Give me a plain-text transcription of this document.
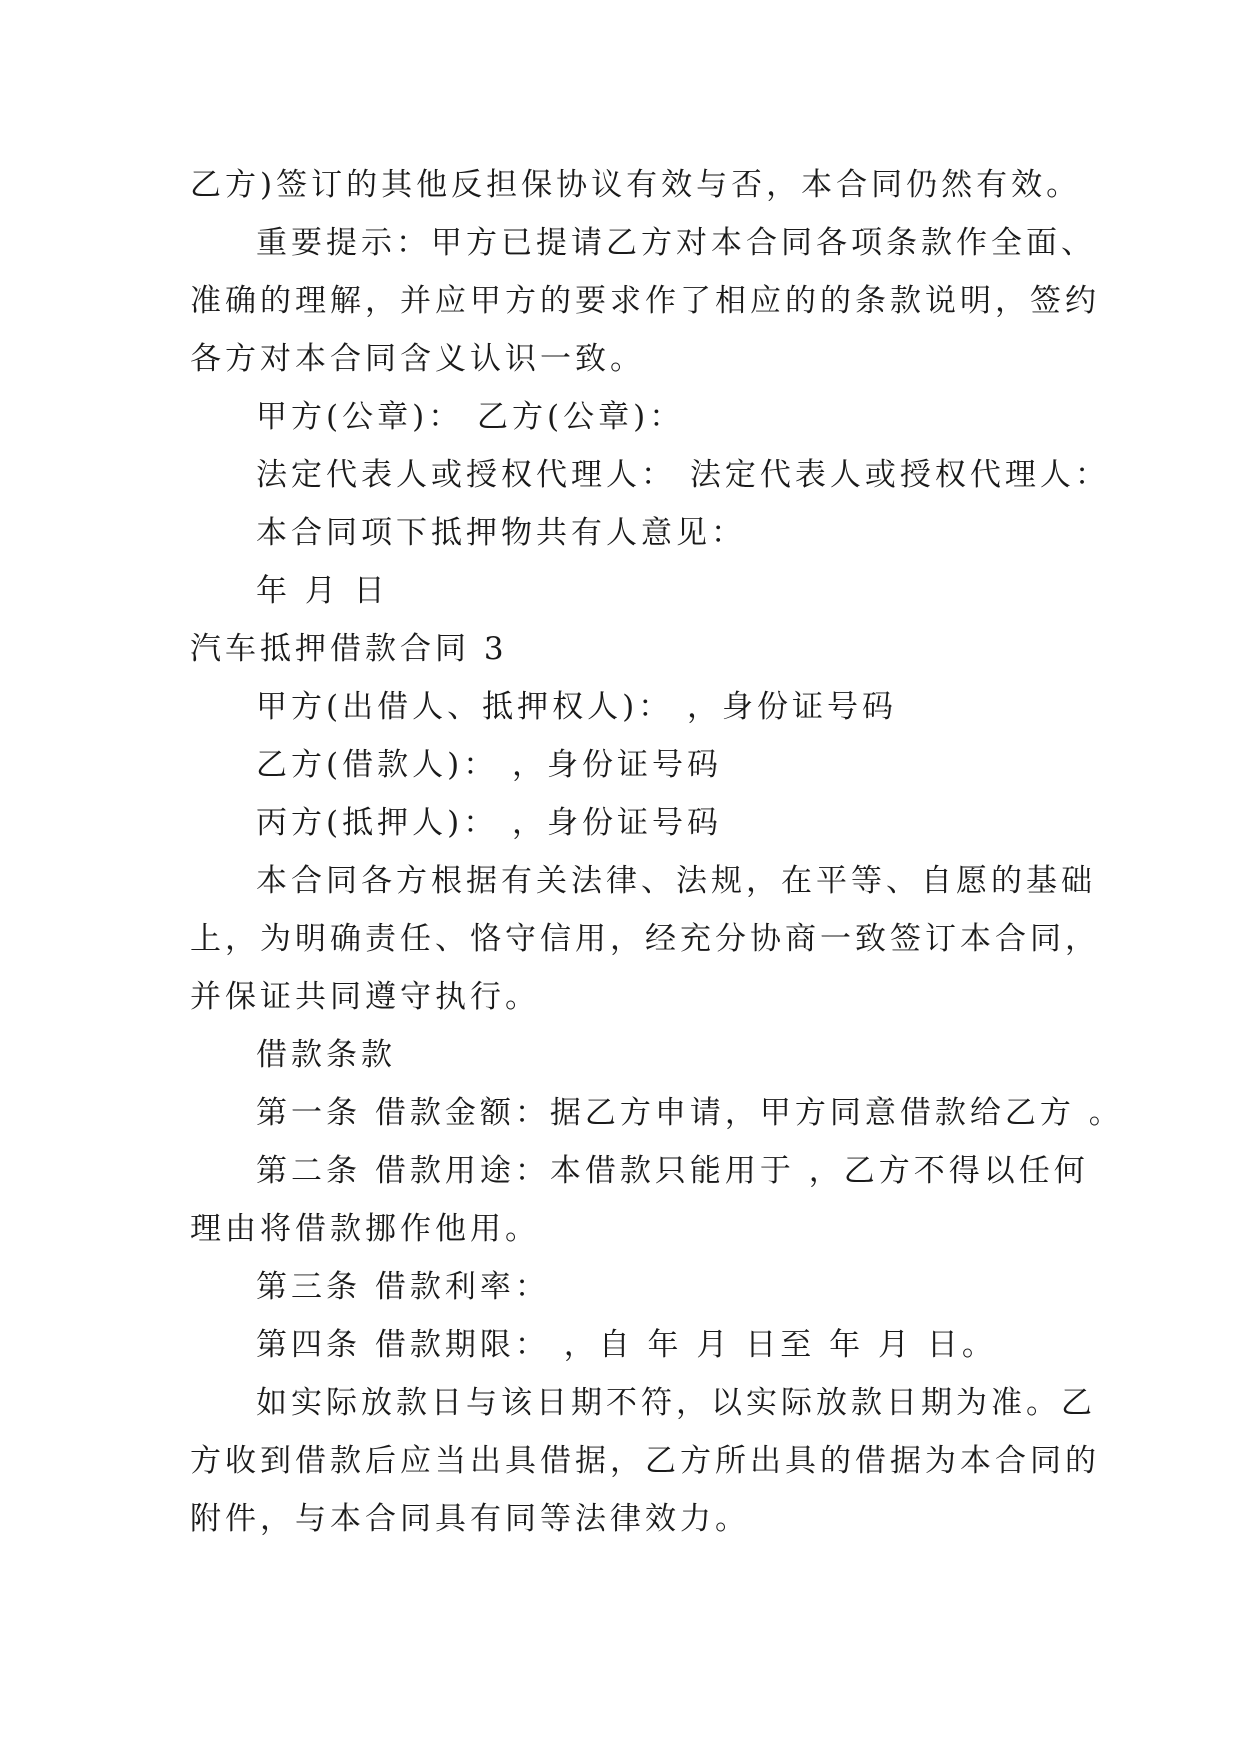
乙方)签订的其他反担保协议有效与否，本合同仍然有效。
重要提示：甲方已提请乙方对本合同各项条款作全面、
准确的理解，并应甲方的要求作了相应的的条款说明，签约
各方对本合同含义认识一致。
甲方(公章)： 乙方(公章)：
法定代表人或授权代理人： 法定代表人或授权代理人：
本合同项下抵押物共有人意见：
年 月 日
汽车抵押借款合同 3
甲方(出借人、抵押权人)： ，身份证号码
乙方(借款人)： ，身份证号码
丙方(抵押人)： ，身份证号码
本合同各方根据有关法律、法规，在平等、自愿的基础
上，为明确责任、恪守信用，经充分协商一致签订本合同，
并保证共同遵守执行。
借款条款
第一条 借款金额：据乙方申请，甲方同意借款给乙方 。
第二条 借款用途：本借款只能用于 ，乙方不得以任何
理由将借款挪作他用。
第三条 借款利率：
第四条 借款期限： ，自 年 月 日至 年 月 日。
如实际放款日与该日期不符，以实际放款日期为准。乙
方收到借款后应当出具借据，乙方所出具的借据为本合同的
附件，与本合同具有同等法律效力。
